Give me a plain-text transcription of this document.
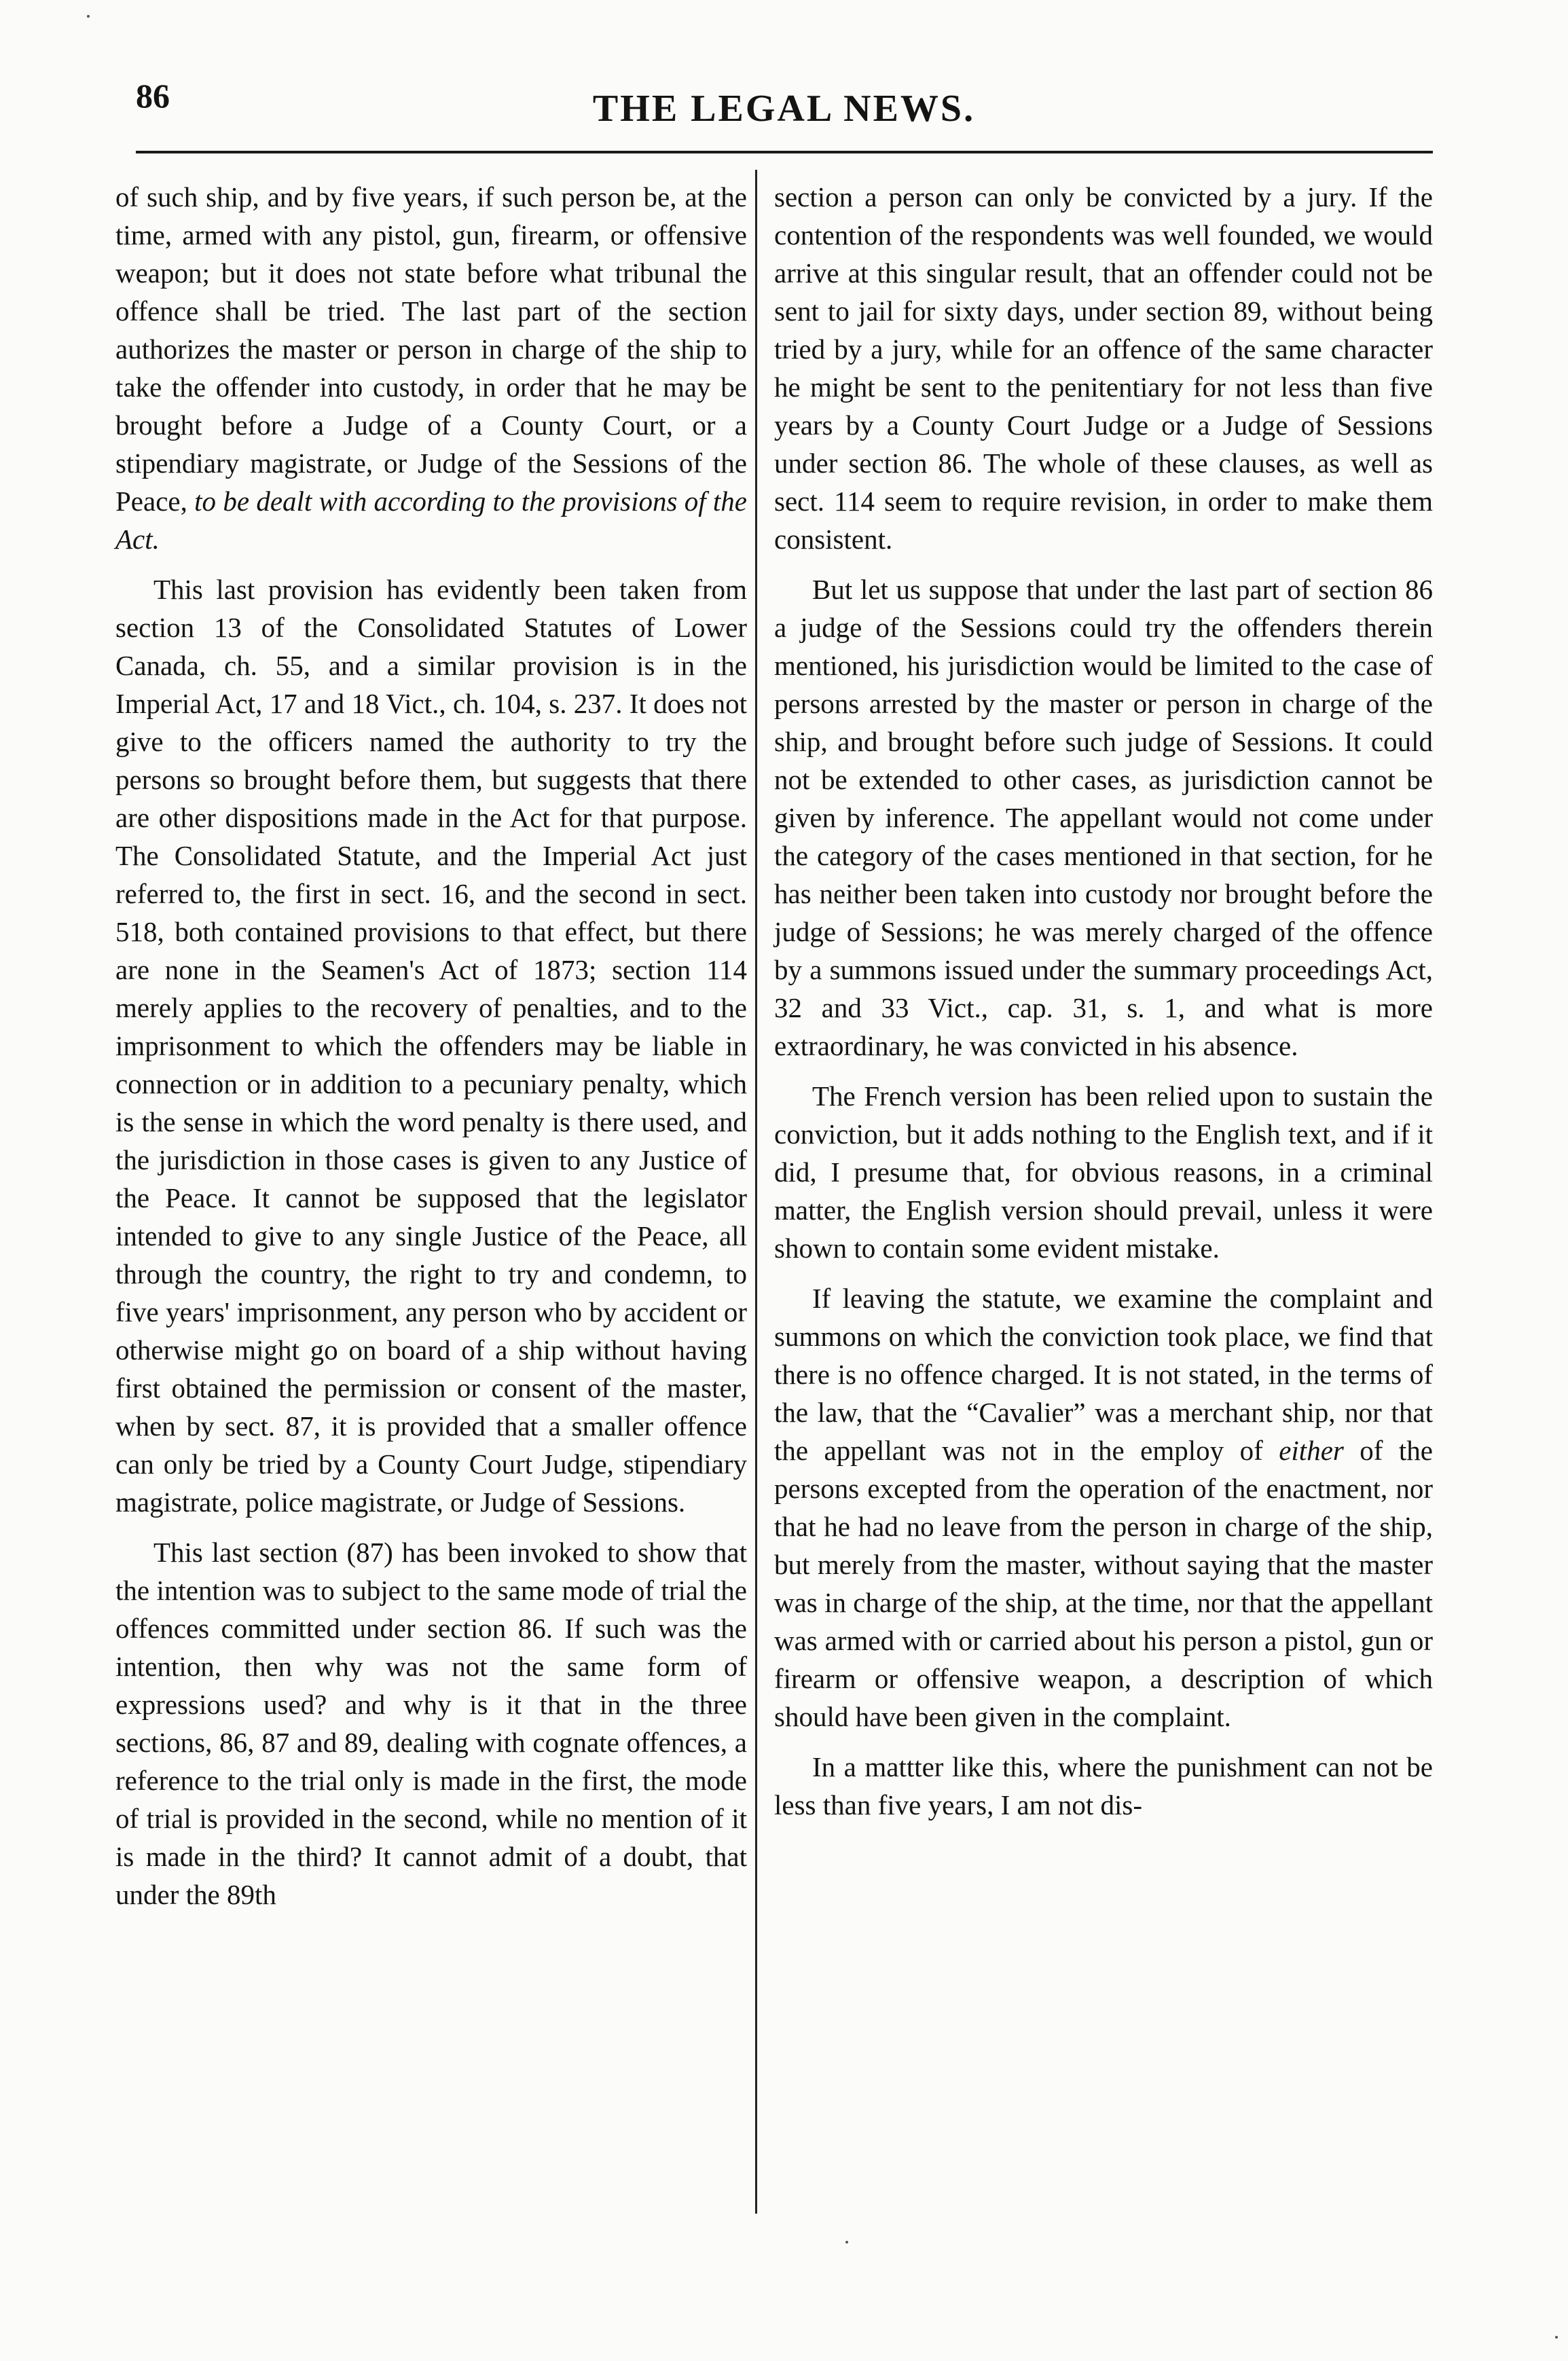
86	THE LEGAL NEWS.

of such ship, and by five years, if such person be, at the time, armed with any pistol, gun, firearm, or offensive weapon; but it does not state before what tribunal the offence shall be tried. The last part of the section authorizes the master or person in charge of the ship to take the offender into custody, in order that he may be brought before a Judge of a County Court, or a stipendiary magistrate, or Judge of the Sessions of the Peace, to be dealt with according to the provisions of the Act.

This last provision has evidently been taken from section 13 of the Consolidated Statutes of Lower Canada, ch. 55, and a similar provision is in the Imperial Act, 17 and 18 Vict., ch. 104, s. 237. It does not give to the officers named the authority to try the persons so brought before them, but suggests that there are other dispositions made in the Act for that purpose. The Consolidated Statute, and the Imperial Act just referred to, the first in sect. 16, and the second in sect. 518, both contained provisions to that effect, but there are none in the Seamen's Act of 1873; section 114 merely applies to the recovery of penalties, and to the imprisonment to which the offenders may be liable in connection or in addition to a pecuniary penalty, which is the sense in which the word penalty is there used, and the jurisdiction in those cases is given to any Justice of the Peace. It cannot be supposed that the legislator intended to give to any single Justice of the Peace, all through the country, the right to try and condemn, to five years' imprisonment, any person who by accident or otherwise might go on board of a ship without having first obtained the permission or consent of the master, when by sect. 87, it is provided that a smaller offence can only be tried by a County Court Judge, stipendiary magistrate, police magistrate, or Judge of Sessions.

This last section (87) has been invoked to show that the intention was to subject to the same mode of trial the offences committed under section 86. If such was the intention, then why was not the same form of expressions used? and why is it that in the three sections, 86, 87 and 89, dealing with cognate offences, a reference to the trial only is made in the first, the mode of trial is provided in the second, while no mention of it is made in the third? It cannot admit of a doubt, that under the 89th

section a person can only be convicted by a jury. If the contention of the respondents was well founded, we would arrive at this singular result, that an offender could not be sent to jail for sixty days, under section 89, without being tried by a jury, while for an offence of the same character he might be sent to the penitentiary for not less than five years by a County Court Judge or a Judge of Sessions under section 86. The whole of these clauses, as well as sect. 114 seem to require revision, in order to make them consistent.

But let us suppose that under the last part of section 86 a judge of the Sessions could try the offenders therein mentioned, his jurisdiction would be limited to the case of persons arrested by the master or person in charge of the ship, and brought before such judge of Sessions. It could not be extended to other cases, as jurisdiction cannot be given by inference. The appellant would not come under the category of the cases mentioned in that section, for he has neither been taken into custody nor brought before the judge of Sessions; he was merely charged of the offence by a summons issued under the summary proceedings Act, 32 and 33 Vict., cap. 31, s. 1, and what is more extraordinary, he was convicted in his absence.

The French version has been relied upon to sustain the conviction, but it adds nothing to the English text, and if it did, I presume that, for obvious reasons, in a criminal matter, the English version should prevail, unless it were shown to contain some evident mistake.

If leaving the statute, we examine the complaint and summons on which the conviction took place, we find that there is no offence charged. It is not stated, in the terms of the law, that the “Cavalier” was a merchant ship, nor that the appellant was not in the employ of either of the persons excepted from the operation of the enactment, nor that he had no leave from the person in charge of the ship, but merely from the master, without saying that the master was in charge of the ship, at the time, nor that the appellant was armed with or carried about his person a pistol, gun or firearm or offensive weapon, a description of which should have been given in the complaint.

In a mattter like this, where the punishment can not be less than five years, I am not dis-
